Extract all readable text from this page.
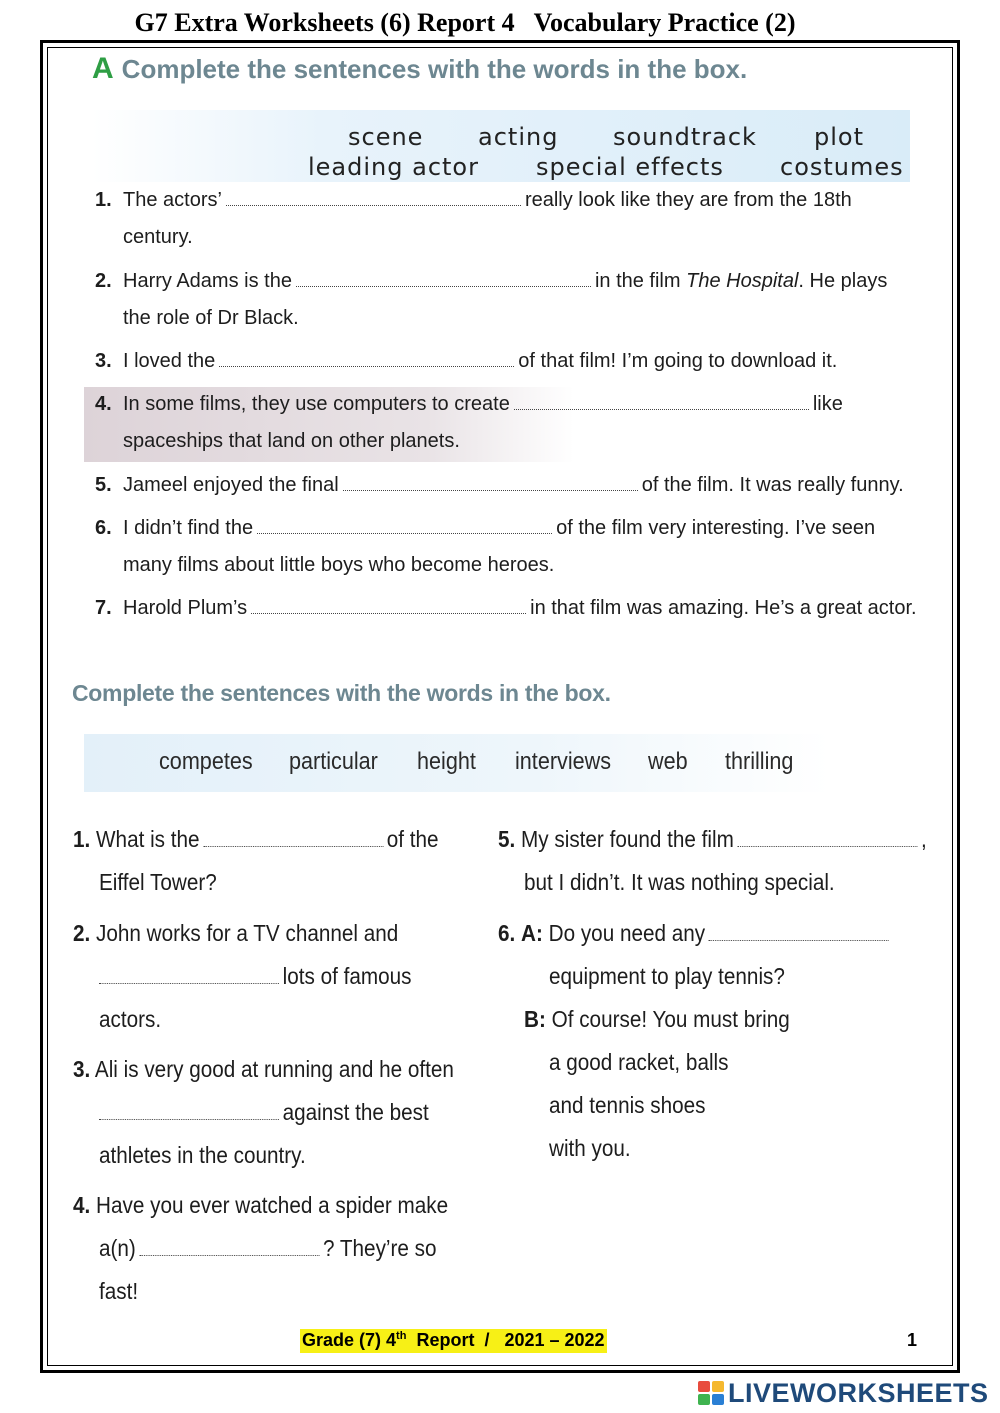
G7 Extra Worksheets (6) Report 4   Vocabulary Practice (2)
A Complete the sentences with the words in the box.
scene acting soundtrack plot
leading actor special effects costumes
1. The actors’	really look like they are from the 18th
century.
2. Harry Adams is the	in the film The Hospital. He plays
the role of Dr Black.
3. I loved the	of that film! I’m going to download it.
4. In some films, they use computers to create	like
spaceships that land on other planets.
5. Jameel enjoyed the final	of the film. It was really funny.
6. I didn’t find the	of the film very interesting. I’ve seen
many films about little boys who become heroes.
7. Harold Plum’s	in that film was amazing. He’s a great actor.
Complete the sentences with the words in the box.
competes particular height interviews web thrilling
1. What is the	of the
Eiffel Tower?
2. John works for a TV channel and
lots of famous
actors.
3. Ali is very good at running and he often
against the best
athletes in the country.
4. Have you ever watched a spider make
a(n)	? They’re so
fast!
5. My sister found the film	,
but I didn’t. It was nothing special.
6. A: Do you need any
equipment to play tennis?
B: Of course! You must bring
a good racket, balls
and tennis shoes
with you.
Grade (7) 4th  Report  /   2021 – 2022	1
LIVEWORKSHEETS
